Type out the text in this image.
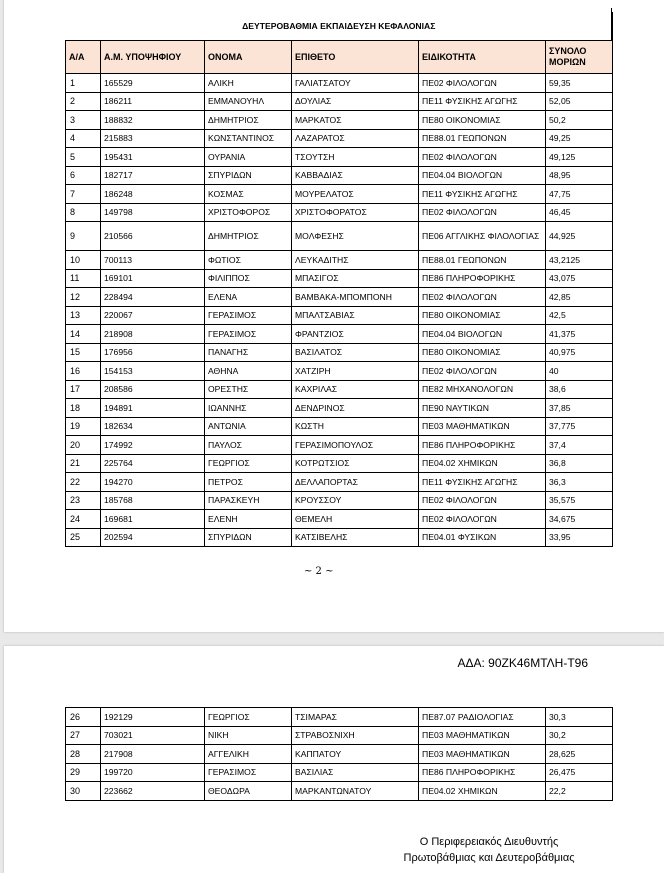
ΔΕΥΤΕΡΟΒΑΘΜΙΑ ΕΚΠΑΙΔΕΥΣΗ ΚΕΦΑΛΟΝΙΑΣ					
Α/Α	Α.Μ. ΥΠΟΨΗΦΙΟΥ	ΟΝΟΜΑ	ΕΠΙΘΕΤΟ	ΕΙΔΙΚΟΤΗΤΑ	ΣΥΝΟΛΟ ΜΟΡΙΩΝ
1	165529	ΑΛΙΚΗ	ΓΑΛΙΑΤΣΑΤΟΥ	ΠΕ02 ΦΙΛΟΛΟΓΩΝ	59,35
2	186211	ΕΜΜΑΝΟΥΗΛ	ΔΟΥΛΙΑΣ	ΠΕ11 ΦΥΣΙΚΗΣ ΑΓΩΓΗΣ	52,05
3	188832	ΔΗΜΗΤΡΙΟΣ	ΜΑΡΚΑΤΟΣ	ΠΕ80 ΟΙΚΟΝΟΜΙΑΣ	50,2
4	215883	ΚΩΝΣΤΑΝΤΙΝΟΣ	ΛΑΖΑΡΑΤΟΣ	ΠΕ88.01 ΓΕΩΠΟΝΩΝ	49,25
5	195431	ΟΥΡΑΝΙΑ	ΤΣΟΥΤΣΗ	ΠΕ02 ΦΙΛΟΛΟΓΩΝ	49,125
6	182717	ΣΠΥΡΙΔΩΝ	ΚΑΒΒΑΔΙΑΣ	ΠΕ04.04 ΒΙΟΛΟΓΩΝ	48,95
7	186248	ΚΟΣΜΑΣ	ΜΟΥΡΕΛΑΤΟΣ	ΠΕ11 ΦΥΣΙΚΗΣ ΑΓΩΓΗΣ	47,75
8	149798	ΧΡΙΣΤΟΦΟΡΟΣ	ΧΡΙΣΤΟΦΟΡΑΤΟΣ	ΠΕ02 ΦΙΛΟΛΟΓΩΝ	46,45
9	210566	ΔΗΜΗΤΡΙΟΣ	ΜΟΛΦΕΣΗΣ	ΠΕ06 ΑΓΓΛΙΚΗΣ ΦΙΛΟΛΟΓΙΑΣ	44,925
10	700113	ΦΩΤΙΟΣ	ΛΕΥΚΑΔΙΤΗΣ	ΠΕ88.01 ΓΕΩΠΟΝΩΝ	43,2125
11	169101	ΦΙΛΙΠΠΟΣ	ΜΠΑΣΙΓΟΣ	ΠΕ86 ΠΛΗΡΟΦΟΡΙΚΗΣ	43,075
12	228494	ΕΛΕΝΑ	ΒΑΜΒΑΚΑ-ΜΠΟΜΠΟΝΗ	ΠΕ02 ΦΙΛΟΛΟΓΩΝ	42,85
13	220067	ΓΕΡΑΣΙΜΟΣ	ΜΠΑΛΤΣΑΒΙΑΣ	ΠΕ80 ΟΙΚΟΝΟΜΙΑΣ	42,5
14	218908	ΓΕΡΑΣΙΜΟΣ	ΦΡΑΝΤΖΙΟΣ	ΠΕ04.04 ΒΙΟΛΟΓΩΝ	41,375
15	176956	ΠΑΝΑΓΗΣ	ΒΑΣΙΛΑΤΟΣ	ΠΕ80 ΟΙΚΟΝΟΜΙΑΣ	40,975
16	154153	ΑΘΗΝΑ	ΧΑΤΖΙΡΗ	ΠΕ02 ΦΙΛΟΛΟΓΩΝ	40
17	208586	ΟΡΕΣΤΗΣ	ΚΑΧΡΙΛΑΣ	ΠΕ82 ΜΗΧΑΝΟΛΟΓΩΝ	38,6
18	194891	ΙΩΑΝΝΗΣ	ΔΕΝΔΡΙΝΟΣ	ΠΕ90 ΝΑΥΤΙΚΩΝ	37,85
19	182634	ΑΝΤΩΝΙΑ	ΚΩΣΤΗ	ΠΕ03 ΜΑΘΗΜΑΤΙΚΩΝ	37,775
20	174992	ΠΑΥΛΟΣ	ΓΕΡΑΣΙΜΟΠΟΥΛΟΣ	ΠΕ86 ΠΛΗΡΟΦΟΡΙΚΗΣ	37,4
21	225764	ΓΕΩΡΓΙΟΣ	ΚΟΤΡΩΤΣΙΟΣ	ΠΕ04.02 ΧΗΜΙΚΩΝ	36,8
22	194270	ΠΕΤΡΟΣ	ΔΕΛΛΑΠΟΡΤΑΣ	ΠΕ11 ΦΥΣΙΚΗΣ ΑΓΩΓΗΣ	36,3
23	185768	ΠΑΡΑΣΚΕΥΗ	ΚΡΟΥΣΣΟΥ	ΠΕ02 ΦΙΛΟΛΟΓΩΝ	35,575
24	169681	ΕΛΕΝΗ	ΘΕΜΕΛΗ	ΠΕ02 ΦΙΛΟΛΟΓΩΝ	34,675
25	202594	ΣΠΥΡΙΔΩΝ	ΚΑΤΣΙΒΕΛΗΣ	ΠΕ04.01 ΦΥΣΙΚΩΝ	33,95
~ 2 ~
ΑΔΑ: 90ΖΚ46ΜΤΛΗ-Τ96
26	192129	ΓΕΩΡΓΙΟΣ	ΤΣΙΜΑΡΑΣ	ΠΕ87.07 ΡΑΔΙΟΛΟΓΙΑΣ	30,3
27	703021	ΝΙΚΗ	ΣΤΡΑΒΟΣΝΙΧΗ	ΠΕ03 ΜΑΘΗΜΑΤΙΚΩΝ	30,2
28	217908	ΑΓΓΕΛΙΚΗ	ΚΑΠΠΑΤΟΥ	ΠΕ03 ΜΑΘΗΜΑΤΙΚΩΝ	28,625
29	199720	ΓΕΡΑΣΙΜΟΣ	ΒΑΣΙΛΙΑΣ	ΠΕ86 ΠΛΗΡΟΦΟΡΙΚΗΣ	26,475
30	223662	ΘΕΟΔΩΡΑ	ΜΑΡΚΑΝΤΩΝΑΤΟΥ	ΠΕ04.02 ΧΗΜΙΚΩΝ	22,2
Ο Περιφερειακός Διευθυντής
Πρωτοβάθμιας και Δευτεροβάθμιας
